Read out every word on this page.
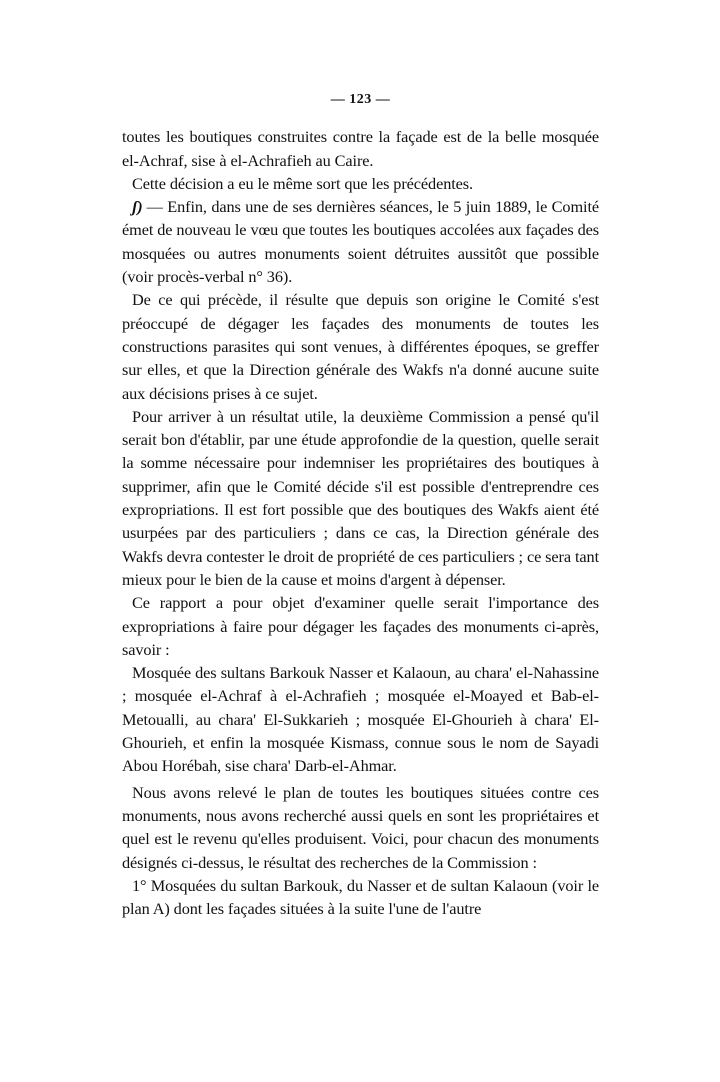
— 123 —

toutes les boutiques construites contre la façade est de la belle mosquée el-Achraf, sise à el-Achrafieh au Caire.

Cette décision a eu le même sort que les précédentes.

ʃ) — Enfin, dans une de ses dernières séances, le 5 juin 1889, le Comité émet de nouveau le vœu que toutes les boutiques accolées aux façades des mosquées ou autres monuments soient détruites aussitôt que possible (voir procès-verbal n° 36).

De ce qui précède, il résulte que depuis son origine le Comité s'est préoccupé de dégager les façades des monuments de toutes les constructions parasites qui sont venues, à différentes époques, se greffer sur elles, et que la Direction générale des Wakfs n'a donné aucune suite aux décisions prises à ce sujet.

Pour arriver à un résultat utile, la deuxième Commission a pensé qu'il serait bon d'établir, par une étude approfondie de la question, quelle serait la somme nécessaire pour indemniser les propriétaires des boutiques à supprimer, afin que le Comité décide s'il est possible d'entreprendre ces expropriations. Il est fort possible que des boutiques des Wakfs aient été usurpées par des particuliers ; dans ce cas, la Direction générale des Wakfs devra contester le droit de propriété de ces particuliers ; ce sera tant mieux pour le bien de la cause et moins d'argent à dépenser.

Ce rapport a pour objet d'examiner quelle serait l'importance des expropriations à faire pour dégager les façades des monuments ci-après, savoir :

Mosquée des sultans Barkouk Nasser et Kalaoun, au chara' el-Nahassine ; mosquée el-Achraf à el-Achrafieh ; mosquée el-Moayed et Bab-el-Metoualli, au chara' El-Sukkarieh ; mosquée El-Ghourieh à chara' El-Ghourieh, et enfin la mosquée Kismass, connue sous le nom de Sayadi Abou Horébah, sise chara' Darb-el-Ahmar.

Nous avons relevé le plan de toutes les boutiques situées contre ces monuments, nous avons recherché aussi quels en sont les propriétaires et quel est le revenu qu'elles produisent. Voici, pour chacun des monuments désignés ci-dessus, le résultat des recherches de la Commission :

1° Mosquées du sultan Barkouk, du Nasser et de sultan Kalaoun (voir le plan A) dont les façades situées à la suite l'une de l'autre
